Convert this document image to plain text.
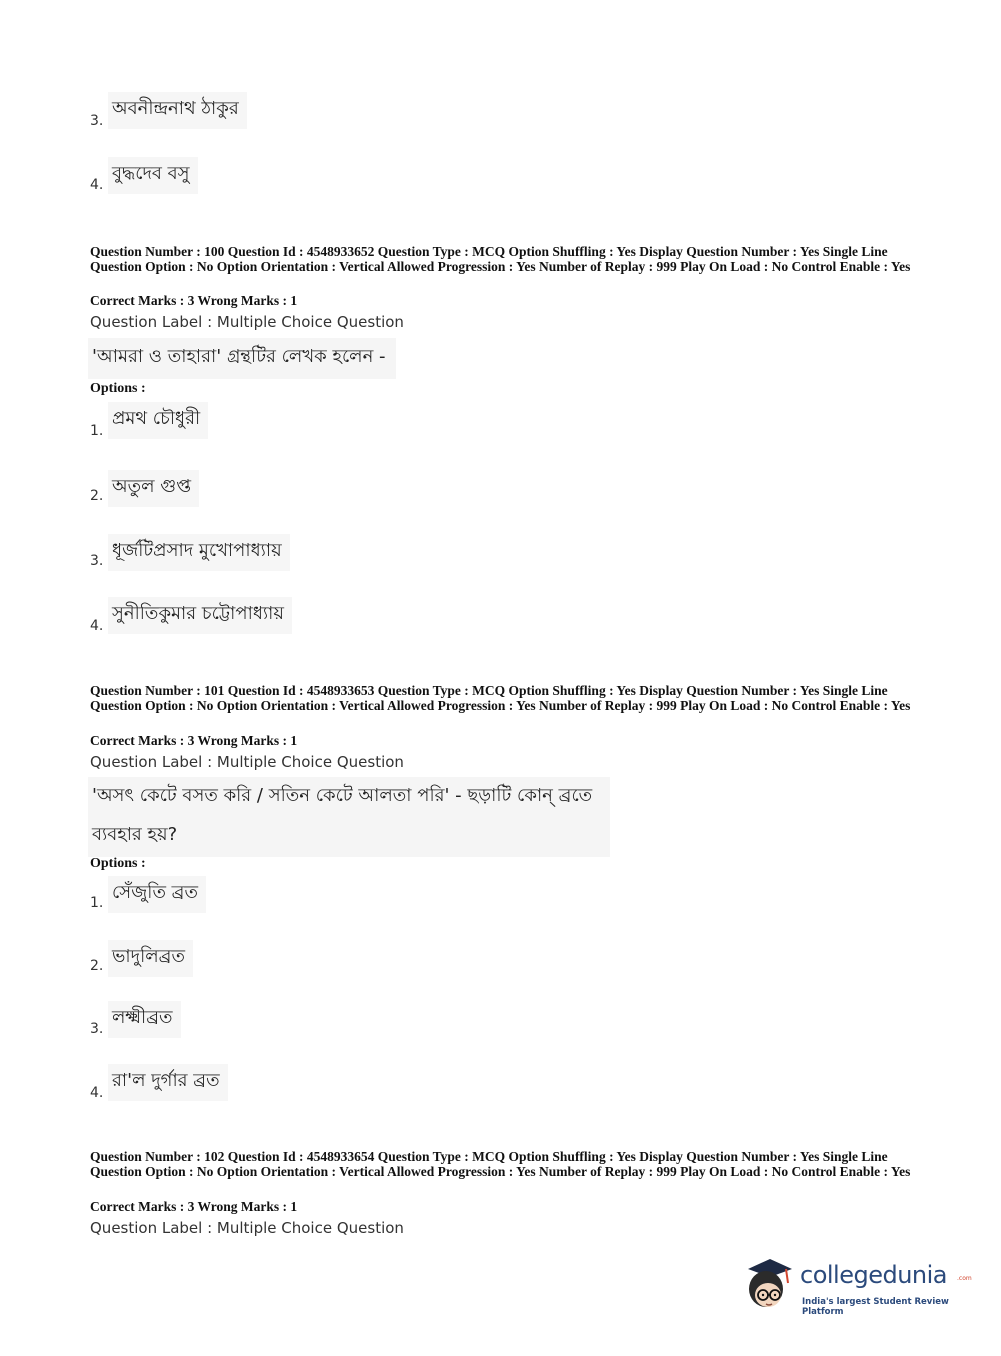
3.
অবনীন্দ্রনাথ ঠাকুর
4.
বুদ্ধদেব বসু
Question Number : 100 Question Id : 4548933652 Question Type : MCQ Option Shuffling : Yes Display Question Number : Yes Single Line Question Option : No Option Orientation : Vertical Allowed Progression : Yes Number of Replay : 999 Play On Load : No Control Enable : Yes
Correct Marks : 3 Wrong Marks : 1
Question Label : Multiple Choice Question
'আমরা ও তাহারা' গ্রন্থটির লেখক হলেন -
Options :
1.
প্রমথ চৌধুরী
2. অতুল গুপ্ত
3. ধূর্জটিপ্রসাদ মুখোপাধ্যায়
4.
সুনীতিকুমার চট্টোপাধ্যায়
Question Number : 101 Question Id : 4548933653 Question Type : MCQ Option Shuffling : Yes Display Question Number : Yes Single Line Question Option : No Option Orientation : Vertical Allowed Progression : Yes Number of Replay : 999 Play On Load : No Control Enable : Yes
Correct Marks : 3 Wrong Marks : 1
Question Label : Multiple Choice Question
'অসৎ কেটে বসত করি / সতিন কেটে আলতা পরি' - ছড়াটি কোন্ ব্রতে
ব্যবহার হয়?
Options :
1. সেঁজুতি ব্রত
2. ভাদুলিব্রত
3.
লক্ষ্মীব্রত
4.
রা'ল দুর্গার ব্রত
Question Number : 102 Question Id : 4548933654 Question Type : MCQ Option Shuffling : Yes Display Question Number : Yes Single Line Question Option : No Option Orientation : Vertical Allowed Progression : Yes Number of Replay : 999 Play On Load : No Control Enable : Yes
Correct Marks : 3 Wrong Marks : 1
Question Label : Multiple Choice Question
collegedunia .com
India's largest Student Review Platform
